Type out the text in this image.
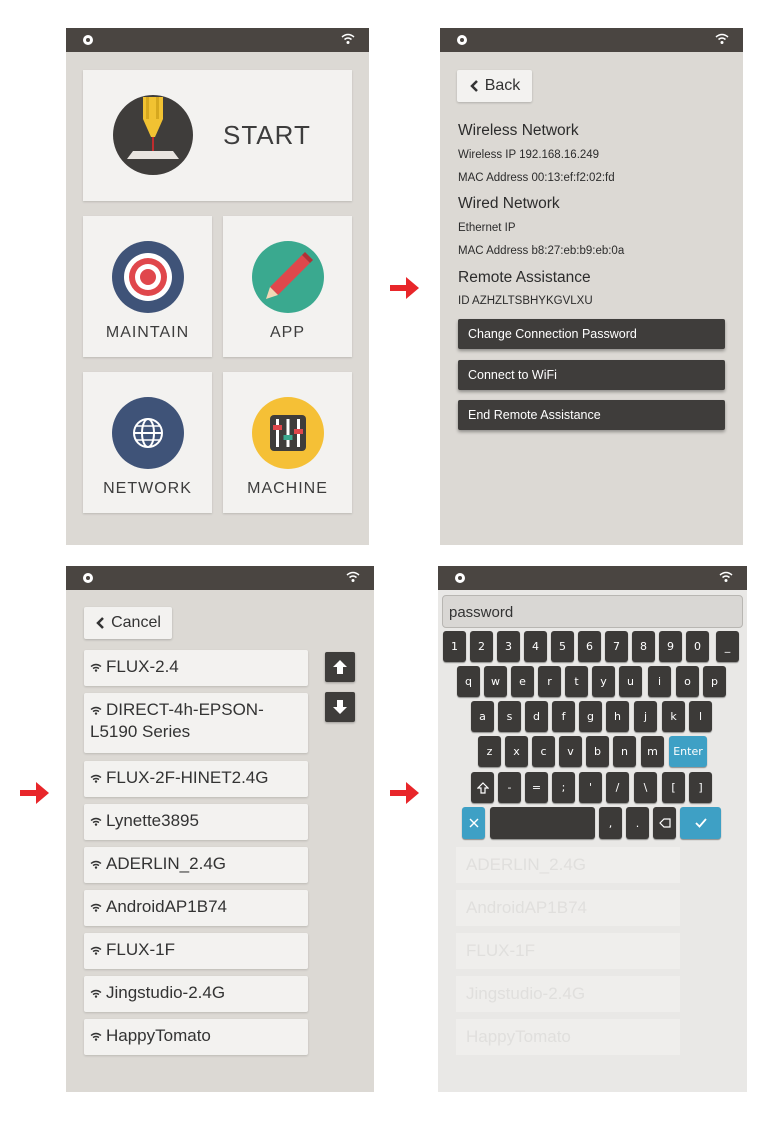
START
MAINTAIN	APP
NETWORK	MACHINE
Back
Wireless Network
Wireless IP 192.168.16.249
MAC Address 00:13:ef:f2:02:fd
Wired Network
Ethernet IP
MAC Address b8:27:eb:b9:eb:0a
Remote Assistance
ID AZHZLTSBHYKGVLXU
Change Connection Password
Connect to WiFi
End Remote Assistance
Cancel
FLUX-2.4
DIRECT-4h-EPSON-L5190 Series
FLUX-2F-HINET2.4G
Lynette3895
ADERLIN_2.4G
AndroidAP1B74
FLUX-1F
Jingstudio-2.4G
HappyTomato
ADERLIN_2.4G
AndroidAP1B74
FLUX-1F
Jingstudio-2.4G
HappyTomato
password
1	2	3	4	5	6	7	8	9	0	_
q	w	e	r	t	y	u	i	o	p
a	s	d	f	g	h	j	k	l
z	x	c	v	b	n	m	Enter
-	=	;	'	/	\	[	]
,	.
